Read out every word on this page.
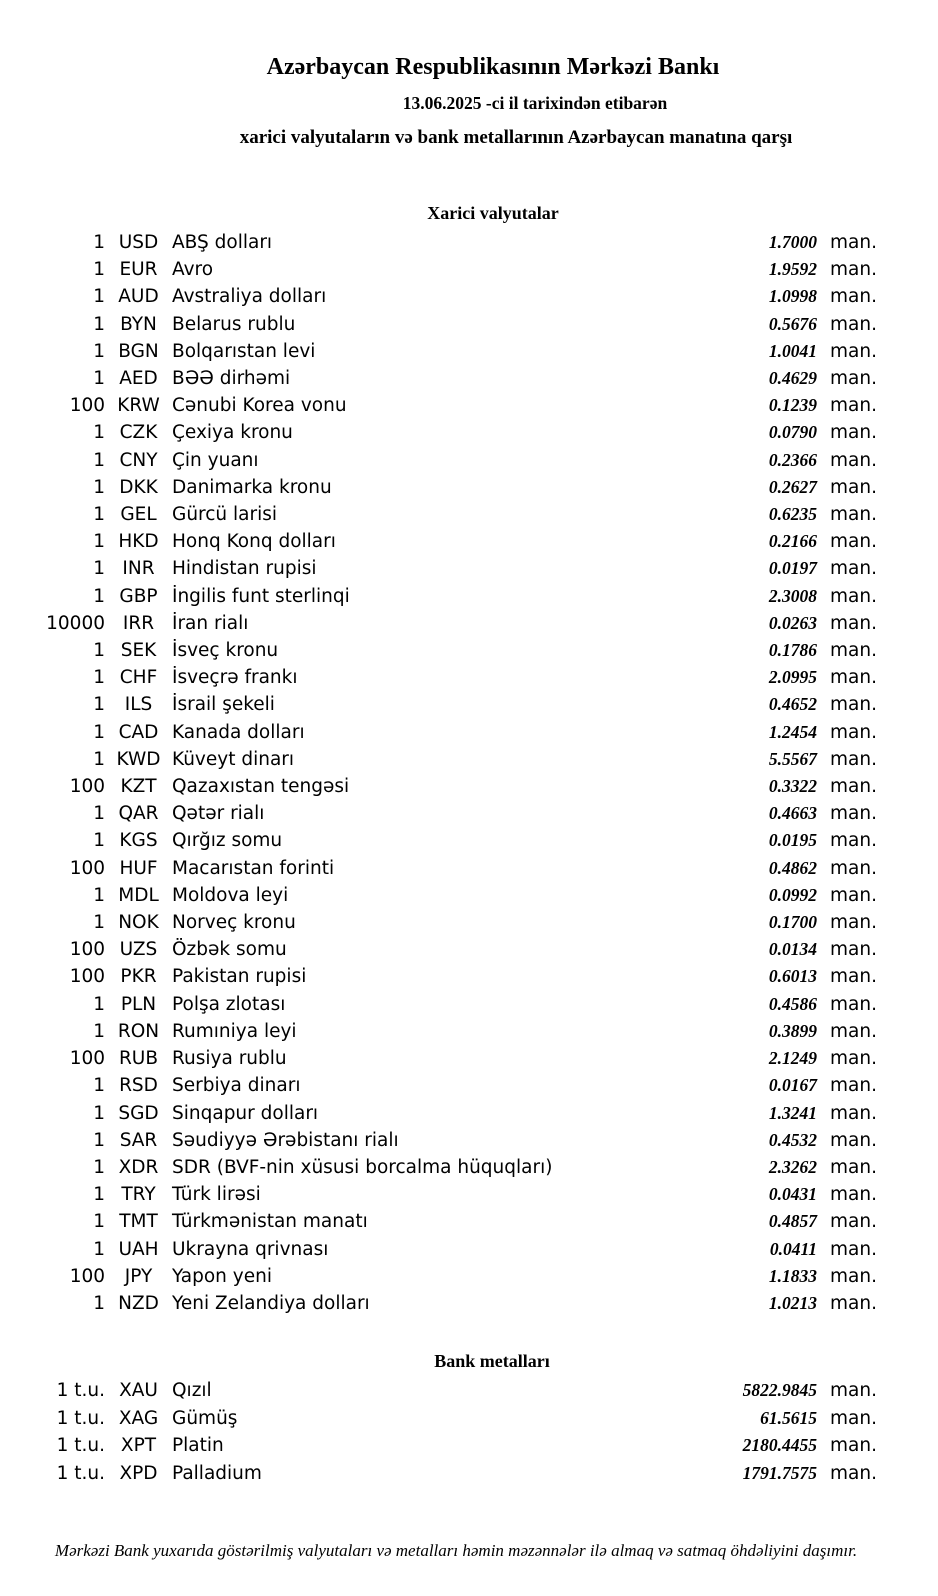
Azərbaycan Respublikasının Mərkəzi Bankı
13.06.2025 -ci il tarixindən etibarən
xarici valyutaların və bank metallarının Azərbaycan manatına qarşı
Xarici valyutalar
1 USD ABŞ dolları	1.7000 man.
1 EUR Avro	1.9592 man.
1 AUD Avstraliya dolları	1.0998 man.
1 BYN Belarus rublu	0.5676 man.
1 BGN Bolqarıstan levi	1.0041 man.
1 AED BƏƏ dirhəmi	0.4629 man.
100 KRW Cənubi Korea vonu	0.1239 man.
1 CZK Çexiya kronu	0.0790 man.
1 CNY Çin yuanı	0.2366 man.
1 DKK Danimarka kronu	0.2627 man.
1 GEL Gürcü larisi	0.6235 man.
1 HKD Honq Konq dolları	0.2166 man.
1 INR Hindistan rupisi	0.0197 man.
1 GBP İngilis funt sterlinqi	2.3008 man.
10000 IRR İran rialı	0.0263 man.
1 SEK İsveç kronu	0.1786 man.
1 CHF İsveçrə frankı	2.0995 man.
1	ILS	İsrail şekeli	0.4652 man.
1 CAD Kanada dolları	1.2454 man.
1 KWD Küveyt dinarı	5.5567 man.
100 KZT Qazaxıstan tengəsi	0.3322 man.
1 QAR Qətər rialı	0.4663 man.
1 KGS Qırğız somu	0.0195 man.
100 HUF Macarıstan forinti	0.4862 man.
1 MDL Moldova leyi	0.0992 man.
1 NOK Norveç kronu	0.1700 man.
100 UZS Özbək somu	0.0134 man.
100 PKR Pakistan rupisi	0.6013 man.
1 PLN Polşa zlotası	0.4586 man.
1 RON Rumıniya leyi	0.3899 man.
100 RUB Rusiya rublu	2.1249 man.
1 RSD Serbiya dinarı	0.0167 man.
1 SGD Sinqapur dolları	1.3241 man.
1 SAR Səudiyyə Ərəbistanı rialı	0.4532 man.
1 XDR SDR (BVF-nin xüsusi borcalma hüquqları)	2.3262 man.
1 TRY Türk lirəsi	0.0431 man.
1 TMT Türkmənistan manatı	0.4857 man.
1 UAH Ukrayna qrivnası	0.0411 man.
100	JPY	Yapon yeni	1.1833 man.
1 NZD Yeni Zelandiya dolları	1.0213 man.
Bank metalları
1 t.u. XAU Qızıl	5822.9845 man.
1 t.u. XAG Gümüş	61.5615 man.
1 t.u. XPT Platin	2180.4455 man.
1 t.u. XPD Palladium	1791.7575 man.
Mərkəzi Bank yuxarıda göstərilmiş valyutaları və metalları həmin məzənnələr ilə almaq və satmaq öhdəliyini daşımır.
